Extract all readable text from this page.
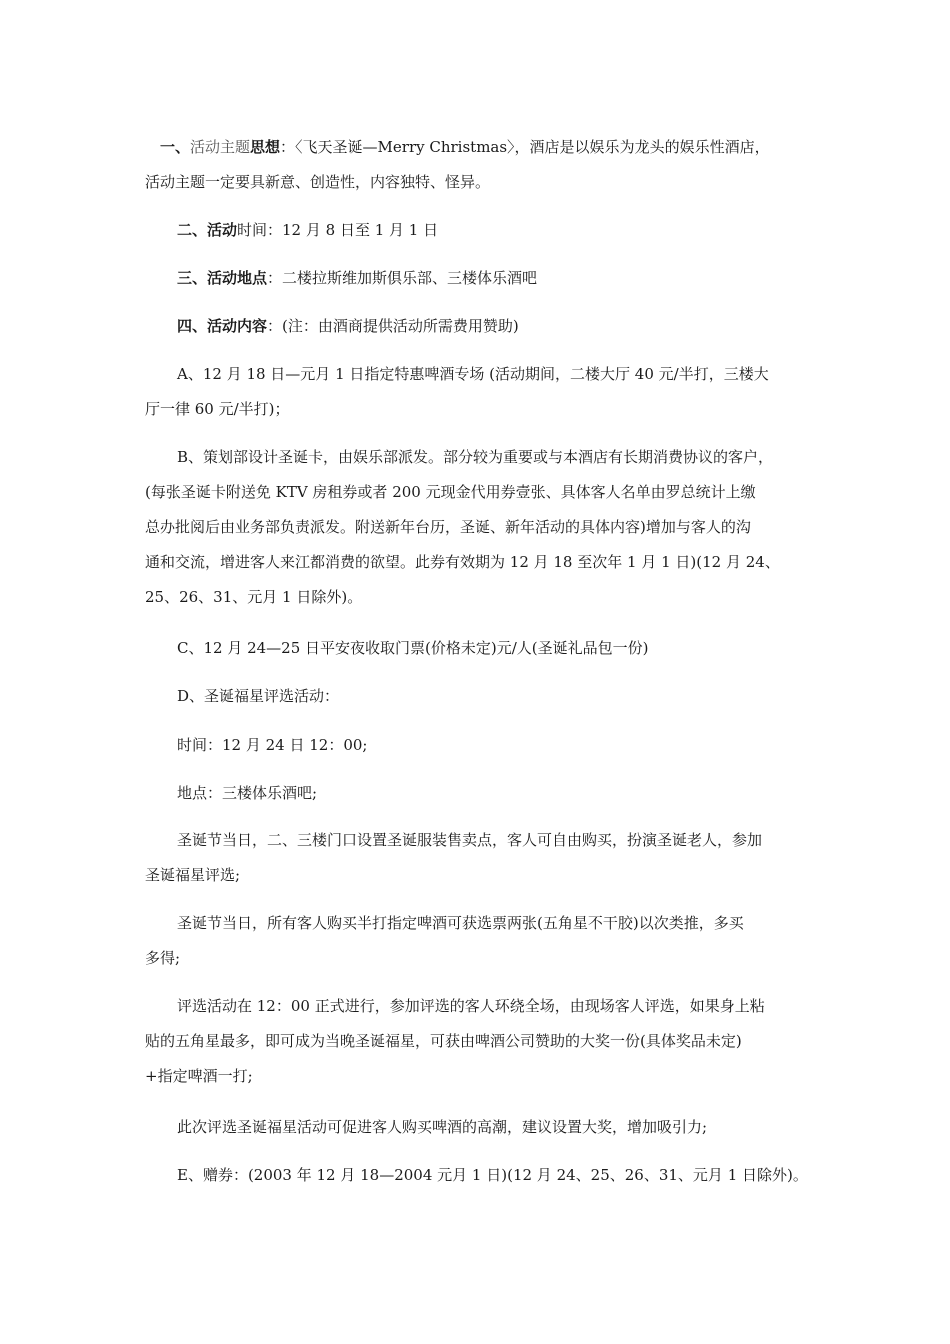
一、活动主题思想：〈飞天圣诞—Merry Christmas〉，酒店是以娱乐为龙头的娱乐性酒店，
活动主题一定要具新意、创造性，内容独特、怪异。
二、活动时间：12 月 8 日至 1 月 1 日
三、活动地点：二楼拉斯维加斯俱乐部、三楼体乐酒吧
四、活动内容：(注：由酒商提供活动所需费用赞助)
A、12 月 18 日—元月 1 日指定特惠啤酒专场 (活动期间，二楼大厅 40 元/半打，三楼大
厅一律 60 元/半打)；
B、策划部设计圣诞卡，由娱乐部派发。部分较为重要或与本酒店有长期消费协议的客户，
(每张圣诞卡附送免 KTV 房租券或者 200 元现金代用券壹张、具体客人名单由罗总统计上缴
总办批阅后由业务部负责派发。附送新年台历，圣诞、新年活动的具体内容)增加与客人的沟
通和交流，增进客人来江都消费的欲望。此券有效期为 12 月 18 至次年 1 月 1 日)(12 月 24、
25、26、31、元月 1 日除外)。
C、12 月 24—25 日平安夜收取门票(价格未定)元/人(圣诞礼品包一份)
D、圣诞福星评选活动：
时间：12 月 24 日 12：00;
地点：三楼体乐酒吧;
圣诞节当日，二、三楼门口设置圣诞服装售卖点，客人可自由购买，扮演圣诞老人，参加
圣诞福星评选;
圣诞节当日，所有客人购买半打指定啤酒可获选票两张(五角星不干胶)以次类推，多买
多得;
评选活动在 12：00 正式进行，参加评选的客人环绕全场，由现场客人评选，如果身上粘
贴的五角星最多，即可成为当晚圣诞福星，可获由啤酒公司赞助的大奖一份(具体奖品未定)
+指定啤酒一打;
此次评选圣诞福星活动可促进客人购买啤酒的高潮，建议设置大奖，增加吸引力;
E、赠券：(2003 年 12 月 18—2004 元月 1 日)(12 月 24、25、26、31、元月 1 日除外)。
